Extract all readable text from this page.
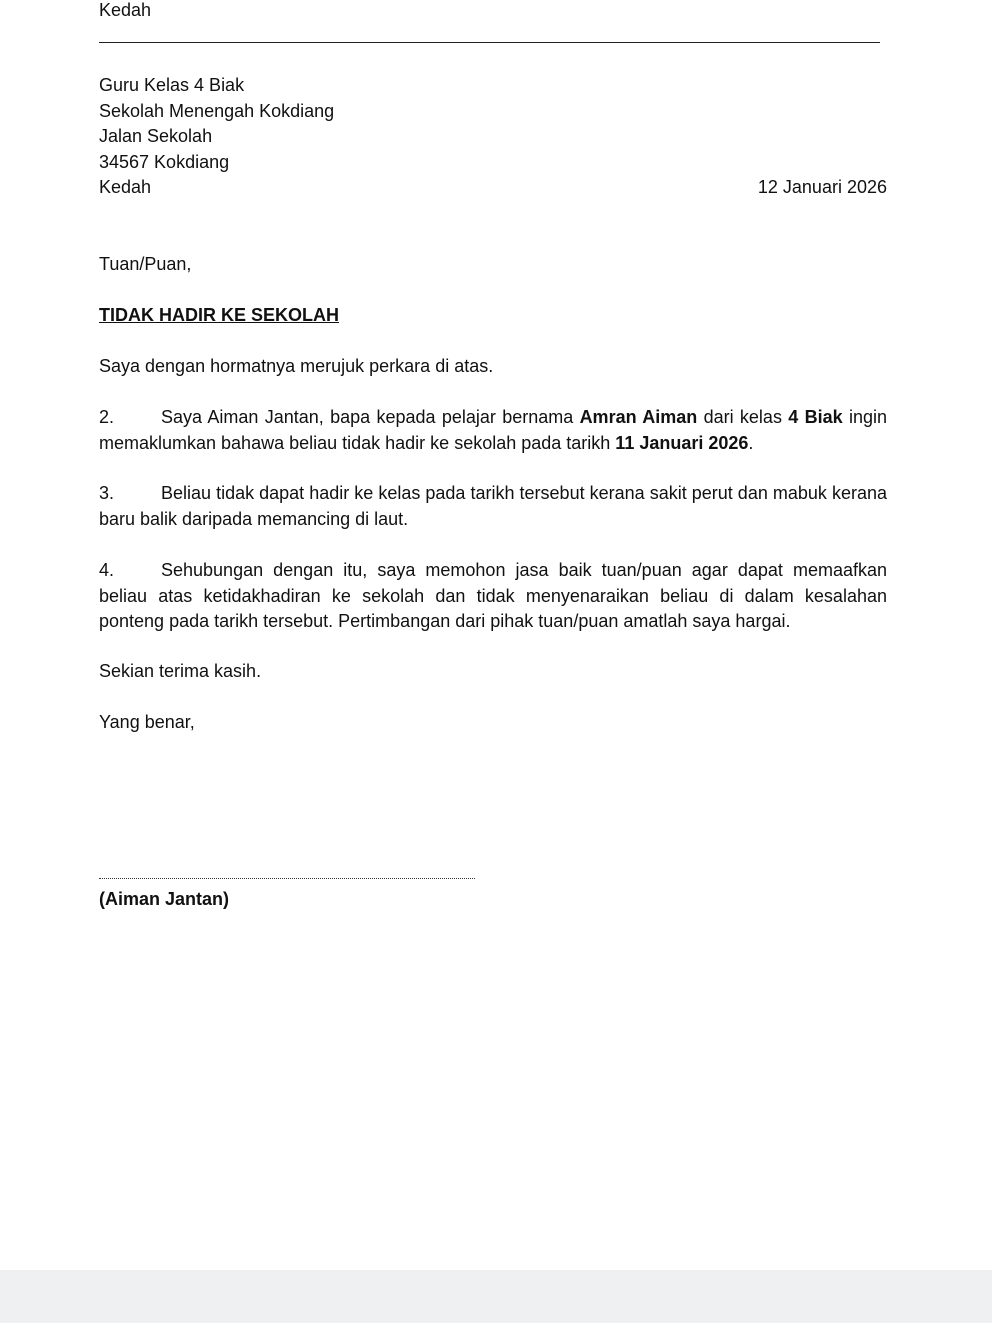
Kedah

Guru Kelas 4 Biak

Sekolah Menengah Kokdiang

Jalan Sekolah

34567 Kokdiang

Kedah	12 Januari 2026

Tuan/Puan,

TIDAK HADIR KE SEKOLAH

Saya dengan hormatnya merujuk perkara di atas.

2.	Saya Aiman Jantan, bapa kepada pelajar bernama Amran Aiman dari kelas 4 Biak ingin memaklumkan bahawa beliau tidak hadir ke sekolah pada tarikh 11 Januari 2026.

3.	Beliau tidak dapat hadir ke kelas pada tarikh tersebut kerana sakit perut dan mabuk kerana baru balik daripada memancing di laut.

4.	Sehubungan dengan itu, saya memohon jasa baik tuan/puan agar dapat memaafkan beliau atas ketidakhadiran ke sekolah dan tidak menyenaraikan beliau di dalam kesalahan ponteng pada tarikh tersebut. Pertimbangan dari pihak tuan/puan amatlah saya hargai.

Sekian terima kasih.

Yang benar,

(Aiman Jantan)
